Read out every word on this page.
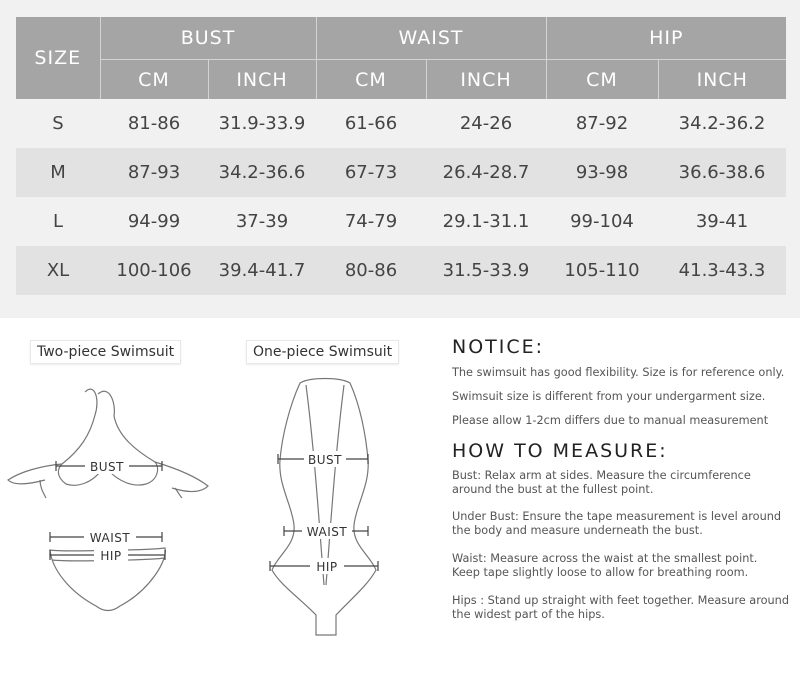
SIZE	BUST		WAIST		HIP	
	CM	INCH	CM	INCH	CM	INCH
S	81-86	31.9-33.9	61-66	24-26	87-92	34.2-36.2
M	87-93	34.2-36.6	67-73	26.4-28.7	93-98	36.6-38.6
L	94-99	37-39	74-79	29.1-31.1	99-104	39-41
XL	100-106	39.4-41.7	80-86	31.5-33.9	105-110	41.3-43.3
Two-piece Swimsuit
BUST
WAIST
HIP
One-piece Swimsuit
BUST
WAIST
HIP
NOTICE:

The swimsuit has good flexibility. Size is for reference only.

Swimsuit size is different from your undergarment size.

Please allow 1-2cm differs due to manual measurement

HOW TO MEASURE:

Bust: Relax arm at sides. Measure the circumference

around the bust at the fullest point.

Under Bust: Ensure the tape measurement is level around

the body and measure underneath the bust.

Waist: Measure across the waist at the smallest point.

Keep tape slightly loose to allow for breathing room.

Hips : Stand up straight with feet together. Measure around

the widest part of the hips.
